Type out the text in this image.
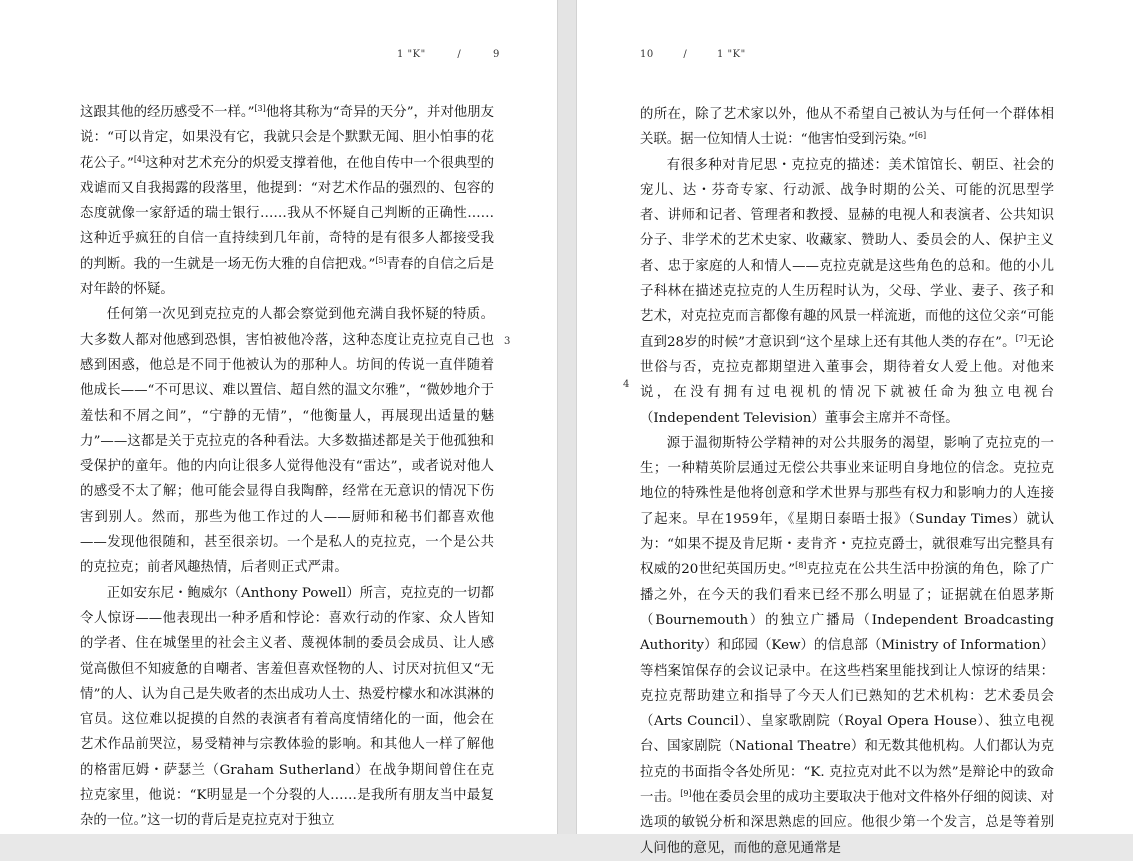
1 "K"	/	9
3

这跟其他的经历感受不一样。”[3]他将其称为“奇异的天分”，并对他朋友说：“可以肯定，如果没有它，我就只会是个默默无闻、胆小怕事的花花公子。”[4]这种对艺术充分的炽爱支撑着他，在他自传中一个很典型的戏谑而又自我揭露的段落里，他提到：“对艺术作品的强烈的、包容的态度就像一家舒适的瑞士银行……我从不怀疑自己判断的正确性……这种近乎疯狂的自信一直持续到几年前，奇特的是有很多人都接受我的判断。我的一生就是一场无伤大雅的自信把戏。”[5]青春的自信之后是对年龄的怀疑。

任何第一次见到克拉克的人都会察觉到他充满自我怀疑的特质。大多数人都对他感到恐惧，害怕被他冷落，这种态度让克拉克自己也感到困惑，他总是不同于他被认为的那种人。坊间的传说一直伴随着他成长——“不可思议、难以置信、超自然的温文尔雅”，“微妙地介于羞怯和不屑之间”，“宁静的无情”，“他衡量人，再展现出适量的魅力”——这都是关于克拉克的各种看法。大多数描述都是关于他孤独和受保护的童年。他的内向让很多人觉得他没有“雷达”，或者说对他人的感受不太了解；他可能会显得自我陶醉，经常在无意识的情况下伤害到别人。然而，那些为他工作过的人——厨师和秘书们都喜欢他——发现他很随和，甚至很亲切。一个是私人的克拉克，一个是公共的克拉克；前者风趣热情，后者则正式严肃。

正如安东尼・鲍威尔（Anthony Powell）所言，克拉克的一切都令人惊讶——他表现出一种矛盾和悖论：喜欢行动的作家、众人皆知的学者、住在城堡里的社会主义者、蔑视体制的委员会成员、让人感觉高傲但不知疲惫的自嘲者、害羞但喜欢怪物的人、讨厌对抗但又“无情”的人、认为自己是失败者的杰出成功人士、热爱柠檬水和冰淇淋的官员。这位难以捉摸的自然的表演者有着高度情绪化的一面，他会在艺术作品前哭泣，易受精神与宗教体验的影响。和其他人一样了解他的格雷厄姆・萨瑟兰（Graham Sutherland）在战争期间曾住在克拉克家里，他说：“K明显是一个分裂的人……是我所有朋友当中最复杂的一位。”这一切的背后是克拉克对于独立

10	/	1 "K"
4

的所在，除了艺术家以外，他从不希望自己被认为与任何一个群体相关联。据一位知情人士说：“他害怕受到污染。”[6]

有很多种对肯尼思・克拉克的描述：美术馆馆长、朝臣、社会的宠儿、达・芬奇专家、行动派、战争时期的公关、可能的沉思型学者、讲师和记者、管理者和教授、显赫的电视人和表演者、公共知识分子、非学术的艺术史家、收藏家、赞助人、委员会的人、保护主义者、忠于家庭的人和情人——克拉克就是这些角色的总和。他的小儿子科林在描述克拉克的人生历程时认为，父母、学业、妻子、孩子和艺术，对克拉克而言都像有趣的风景一样流逝，而他的这位父亲“可能直到28岁的时候”才意识到“这个星球上还有其他人类的存在”。[7]无论世俗与否，克拉克都期望进入董事会，期待着女人爱上他。对他来说，在没有拥有过电视机的情况下就被任命为独立电视台（Independent Television）董事会主席并不奇怪。

源于温彻斯特公学精神的对公共服务的渴望，影响了克拉克的一生；一种精英阶层通过无偿公共事业来证明自身地位的信念。克拉克地位的特殊性是他将创意和学术世界与那些有权力和影响力的人连接了起来。早在1959年，《星期日泰晤士报》（Sunday Times）就认为：“如果不提及肯尼斯・麦肯齐・克拉克爵士，就很难写出完整具有权威的20世纪英国历史。”[8]克拉克在公共生活中扮演的角色，除了广播之外，在今天的我们看来已经不那么明显了；证据就在伯恩茅斯（Bournemouth）的独立广播局（Independent Broadcasting Authority）和邱园（Kew）的信息部（Ministry of Information）等档案馆保存的会议记录中。在这些档案里能找到让人惊讶的结果：克拉克帮助建立和指导了今天人们已熟知的艺术机构：艺术委员会（Arts Council）、皇家歌剧院（Royal Opera House）、独立电视台、国家剧院（National Theatre）和无数其他机构。人们都认为克拉克的书面指令各处所见：“K. 克拉克对此不以为然”是辩论中的致命一击。[9]他在委员会里的成功主要取决于他对文件格外仔细的阅读、对选项的敏锐分析和深思熟虑的回应。他很少第一个发言，总是等着别人问他的意见，而他的意见通常是
